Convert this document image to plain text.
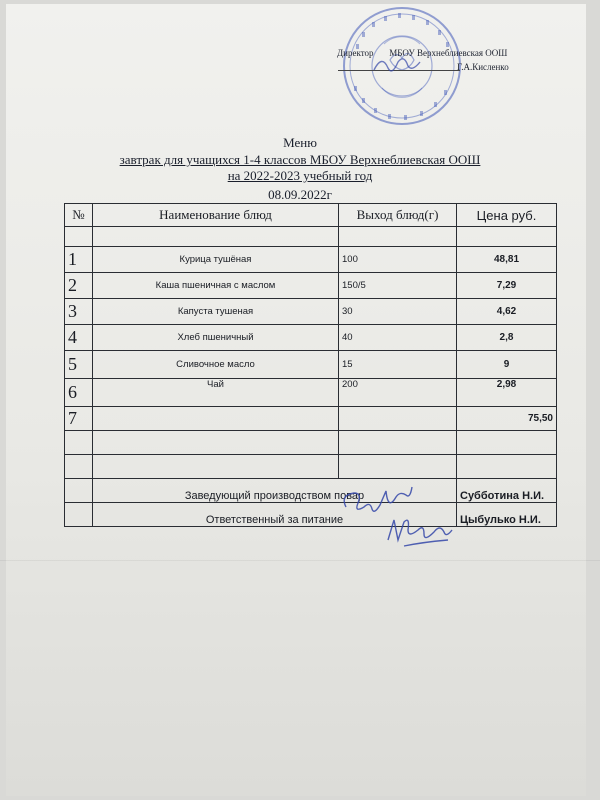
Директор МБОУ Верхнеблиевская ООШ
Г.А.Кисленко
Меню
завтрак для учащихся 1-4 классов МБОУ Верхнеблиевская ООШ
на 2022-2023 учебный год
08.09.2022г
№	Наименование блюд	Выход блюд(г)	Цена руб.

1	Курица тушёная	100	48,81
2	Каша пшеничная с маслом	150/5	7,29
3	Капуста тушеная	30	4,62
4	Хлеб пшеничный	40	2,8
5	Сливочное масло	15	9
6	Чай	200	2,98
7			75,50

	Заведующий производством повар		Субботина Н.И.
	Ответственный за питание		Цыбулько Н.И.
